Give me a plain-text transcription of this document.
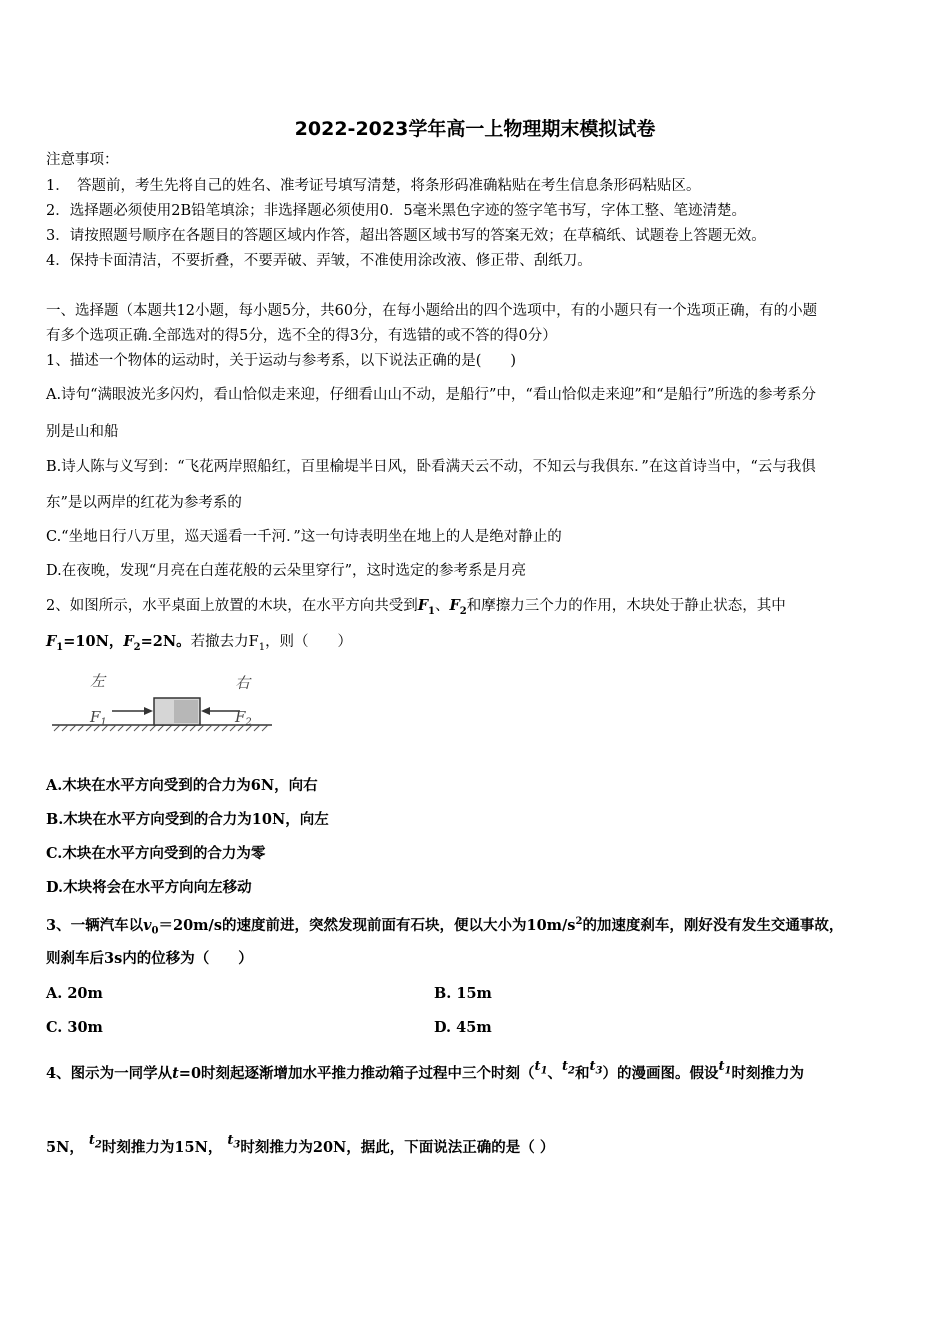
2022-2023学年高一上物理期末模拟试卷
注意事项：
1．　答题前，考生先将自己的姓名、准考证号填写清楚，将条形码准确粘贴在考生信息条形码粘贴区。
2．选择题必须使用2B铅笔填涂；非选择题必须使用0．5毫米黑色字迹的签字笔书写，字体工整、笔迹清楚。
3．请按照题号顺序在各题目的答题区域内作答，超出答题区域书写的答案无效；在草稿纸、试题卷上答题无效。
4．保持卡面清洁，不要折叠，不要弄破、弄皱，不准使用涂改液、修正带、刮纸刀。
一、选择题（本题共12小题，每小题5分，共60分，在每小题给出的四个选项中，有的小题只有一个选项正确，有的小题
有多个选项正确.全部选对的得5分，选不全的得3分，有选错的或不答的得0分）
1、描述一个物体的运动时，关于运动与参考系，以下说法正确的是(　　)
A.诗句“满眼波光多闪灼，看山恰似走来迎，仔细看山山不动，是船行”中，“看山恰似走来迎”和“是船行”所选的参考系分
别是山和船
B.诗人陈与义写到：“飞花两岸照船红，百里榆堤半日风，卧看满天云不动，不知云与我俱东．”在这首诗当中，“云与我俱
东”是以两岸的红花为参考系的
C.“坐地日行八万里，巡天遥看一千河．”这一句诗表明坐在地上的人是绝对静止的
D.在夜晚，发现“月亮在白莲花般的云朵里穿行”，这时选定的参考系是月亮
2、如图所示，水平桌面上放置的木块，在水平方向共受到$F_1$、$F_2$和摩擦力三个力的作用，木块处于静止状态，其中
$F_1=10N$，$F_2=2N$。若撤去力$F_1$，则（　　）
左	右
$F_1$	$F_2$
A.木块在水平方向受到的合力为6N，向右
B.木块在水平方向受到的合力为10N，向左
C.木块在水平方向受到的合力为零
D.木块将会在水平方向向左移动
3、一辆汽车以$v_0=20m/s$的速度前进，突然发现前面有石块，便以大小为$10m/s^2$的加速度刹车，刚好没有发生交通事故，
则刹车后3s内的位移为（　　）
A. 20m	B. 15m
C. 30m	D. 45m
4、图示为一同学从t=0时刻起逐渐增加水平推力推动箱子过程中三个时刻（$t_1$、$t_2$和$t_3$）的漫画图。假设$t_1$时刻推力为
5N， $t_2$时刻推力为15N， $t_3$时刻推力为20N，据此，下面说法正确的是（ ）
